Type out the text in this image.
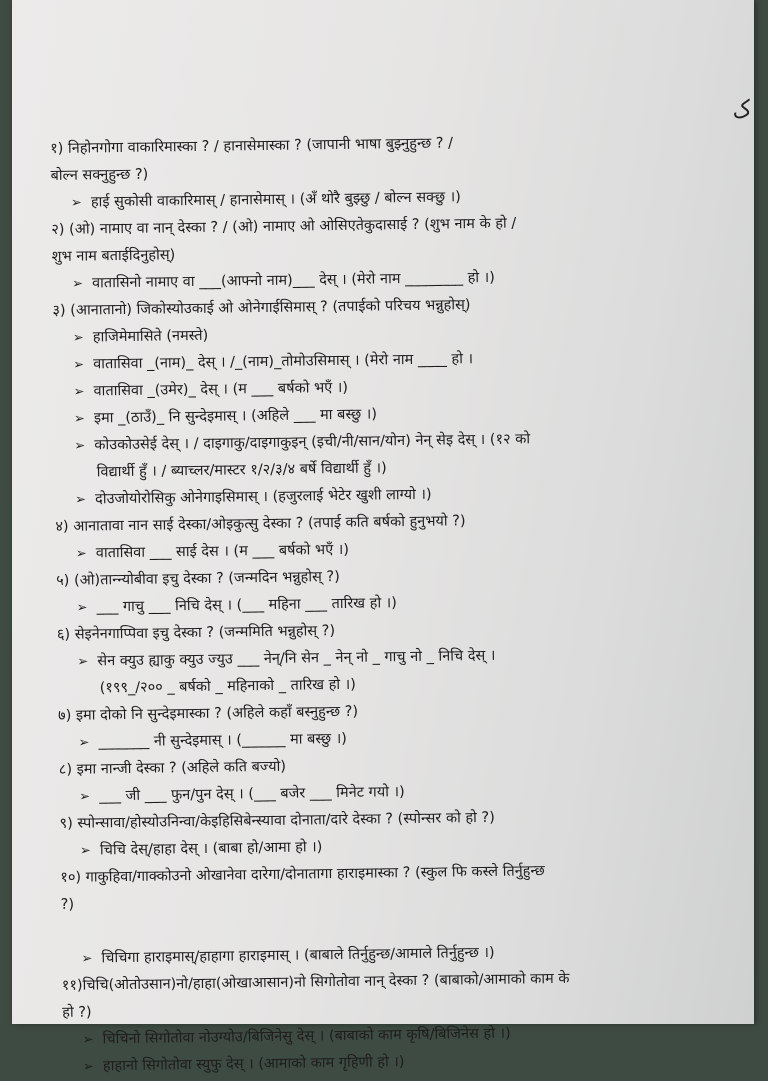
ک
१) निहोनगोगा वाकारिमास्का ? / हानासेमास्का ? (जापानी भाषा बुझ्नुहुन्छ ? /
बोल्न सक्नुहुन्छ ?)
➢ हाई सुकोसी वाकारिमास् / हानासेमास् । (अँ थोरै बुझ्छु / बोल्न सक्छु ।)
२) (ओ) नामाए वा नान् देस्का ? / (ओ) नामाए ओ ओसिएतेकुदासाई ? (शुभ नाम के हो /
शुभ नाम बताईदिनुहोस्)
➢ वातासिनो नामाए वा ___(आफ्नो नाम)___ देस् । (मेरो नाम ________ हो ।)
३) (आनातानो) जिकोस्योउकाई ओ ओनेगाईसिमास् ? (तपाईको परिचय भन्नुहोस्)
➢ हाजिमेमासिते (नमस्ते)
➢ वातासिवा _(नाम)_ देस् । /_(नाम)_तोमोउसिमास् । (मेरो नाम ____ हो ।
➢ वातासिवा _(उमेर)_ देस् । (म ___ बर्षको भएँ ।)
➢ इमा _(ठाउँ)_ नि सुन्देइमास् । (अहिले ___ मा बस्छु ।)
➢ कोउकोउसेई देस् । / दाइगाकु/दाइगाकुइन् (इची/नी/सान/योन) नेन् सेइ देस् । (१२ को
विद्यार्थी हुँ । / ब्याच्लर/मास्टर १/२/३/४ बर्षे विद्यार्थी हुँ ।)
➢ दोउजोयोरोसिकु ओनेगाइसिमास् । (हजुरलाई भेटेर खुशी लाग्यो ।)
४) आनातावा नान साई देस्का/ओइकुत्सु देस्का ? (तपाई कति बर्षको हुनुभयो ?)
➢ वातासिवा ___ साई देस । (म ___ बर्षको भएँ ।)
५) (ओ)तान्न्योबीवा इचु देस्का ? (जन्मदिन भन्नुहोस् ?)
➢ ___ गाचु ___ निचि देस् । (___ महिना ___ तारिख हो ।)
६) सेइनेनगाप्पिवा इचु देस्का ? (जन्ममिति भन्नुहोस् ?)
➢ सेन क्युउ ह्याकु क्युउ ज्युउ ___ नेन्/नि सेन _ नेन् नो _ गाचु नो _ निचि देस् ।
(१९९_/२०० _ बर्षको _ महिनाको _ तारिख हो ।)
७) इमा दोको नि सुन्देइमास्का ? (अहिले कहाँ बस्नुहुन्छ ?)
➢ _______ नी सुन्देइमास् । (______ मा बस्छु ।)
८) इमा नान्जी देस्का ? (अहिले कति बज्यो)
➢ ___ जी ___ फुन/पुन देस् । (___ बजेर ___ मिनेट गयो ।)
९) स्पोन्सावा/होस्योउनिन्वा/केइहिसिबेन्स्यावा दोनाता/दारे देस्का ? (स्पोन्सर को हो ?)
➢ चिचि देस्/हाहा देस् । (बाबा हो/आमा हो ।)
१०) गाकुहिवा/गाक्कोउनो ओखानेवा दारेगा/दोनातागा हाराइमास्का ? (स्कुल फि कस्ले तिर्नुहुन्छ
?)

➢ चिचिगा हाराइमास्/हाहागा हाराइमास् । (बाबाले तिर्नुहुन्छ/आमाले तिर्नुहुन्छ ।)
११)चिचि(ओतोउसान)नो/हाहा(ओखाआसान)नो सिगोतोवा नान् देस्का ? (बाबाको/आमाको काम के
हो ?)
➢ चिचिनो सिगोतोवा नोउग्योउ/बिजिनेसु देस् । (बाबाको काम कृषि/बिजिनेस हो ।)
➢ हाहानो सिगोतोवा स्युफु देस् । (आमाको काम गृहिणी हो ।)
